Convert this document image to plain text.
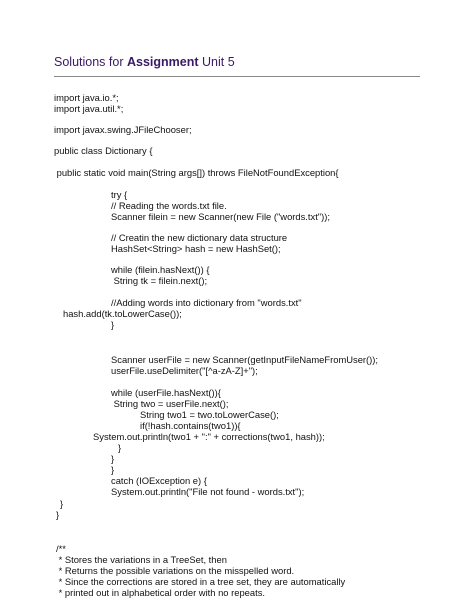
Solutions for Assignment Unit 5
import java.io.*;
import java.util.*;
import javax.swing.JFileChooser;
public class Dictionary {
public static void main(String args[]) throws FileNotFoundException{
try {
// Reading the words.txt file.
Scanner filein = new Scanner(new File ("words.txt"));
// Creatin the new dictionary data structure
HashSet<String> hash = new HashSet();
while (filein.hasNext()) {
String tk = filein.next();
//Adding words into dictionary from "words.txt"
hash.add(tk.toLowerCase());
}
Scanner userFile = new Scanner(getInputFileNameFromUser());
userFile.useDelimiter("[^a-zA-Z]+");
while (userFile.hasNext()){
String two = userFile.next();
String two1 = two.toLowerCase();
if(!hash.contains(two1)){
System.out.println(two1 + ":" + corrections(two1, hash));
}
}
}
catch (IOException e) {
System.out.println("File not found - words.txt");
}
}
/**
* Stores the variations in a TreeSet, then
* Returns the possible variations on the misspelled word.
* Since the corrections are stored in a tree set, they are automatically
* printed out in alphabetical order with no repeats.
